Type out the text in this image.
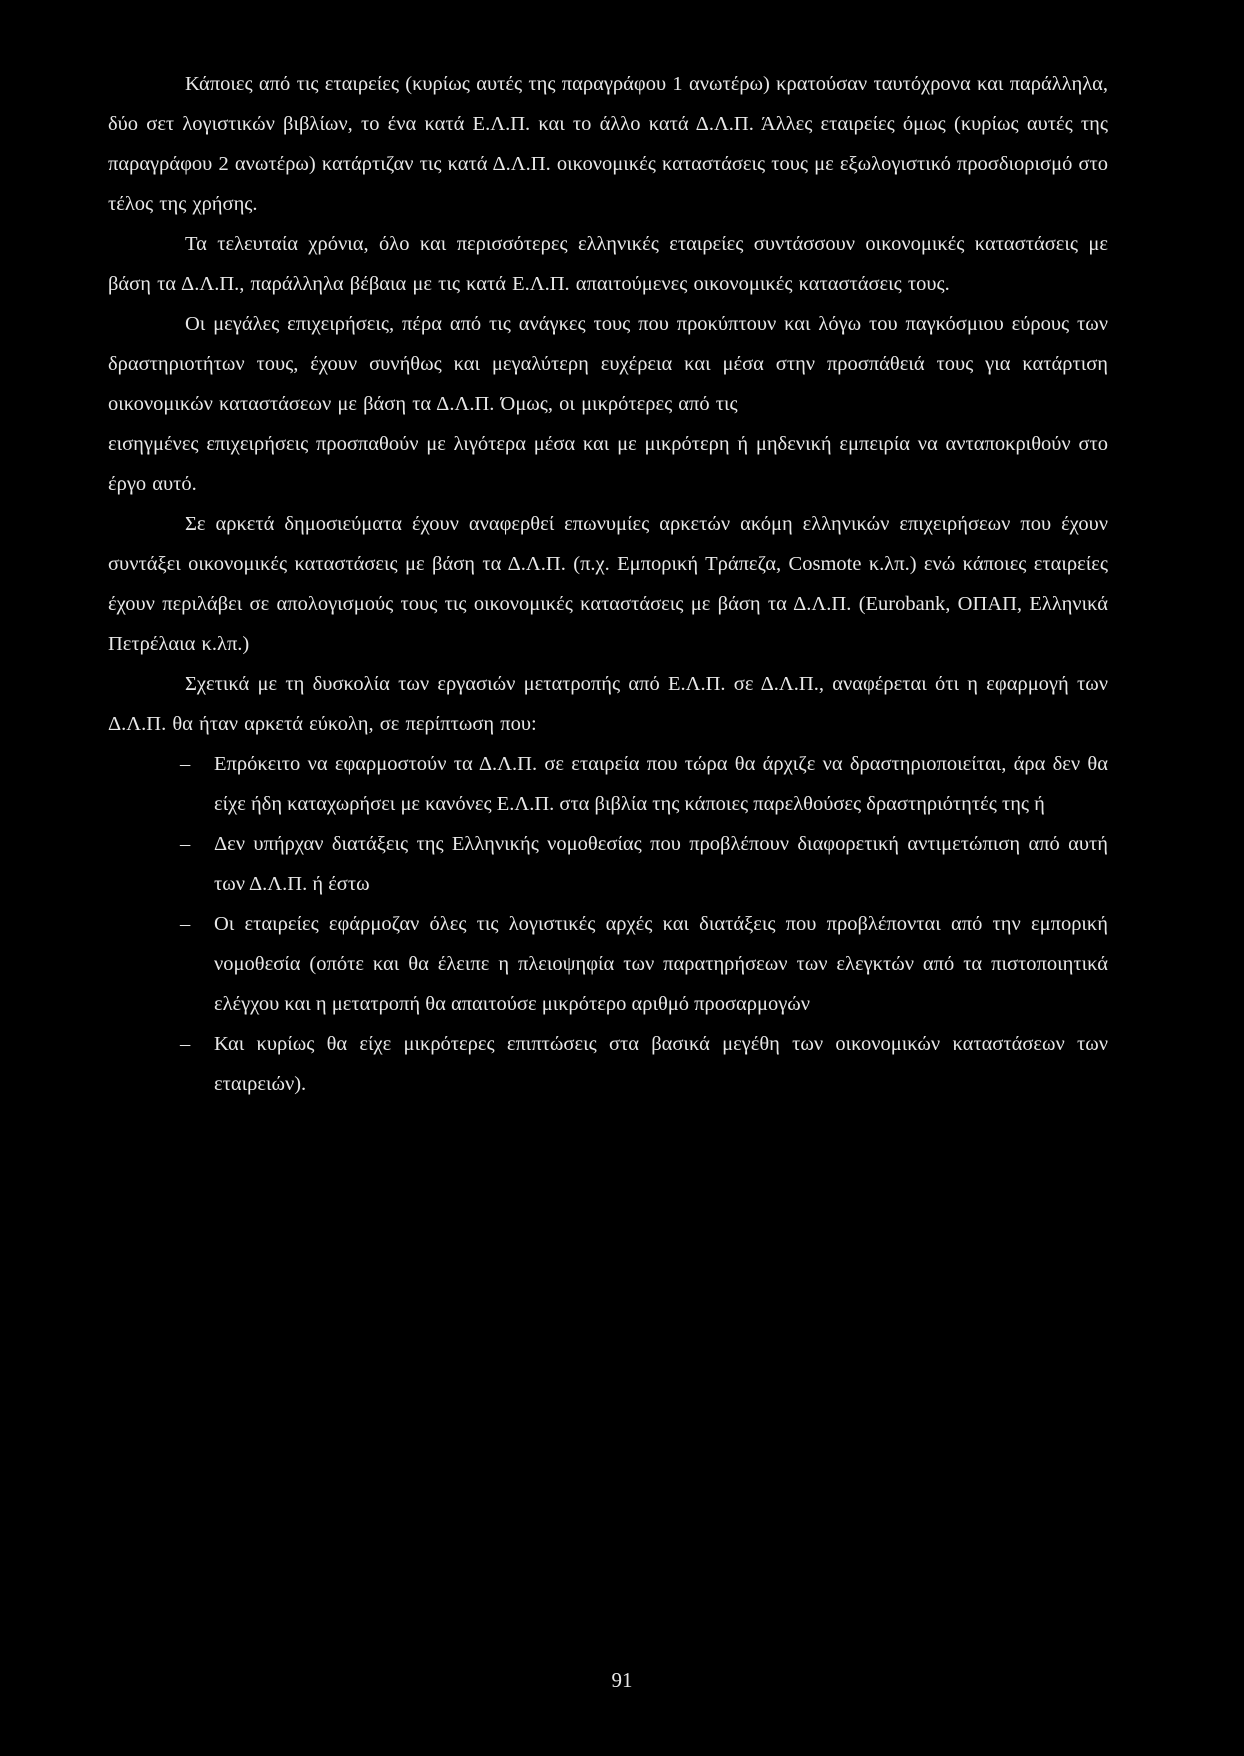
Κάποιες από τις εταιρείες (κυρίως αυτές της παραγράφου 1 ανωτέρω) κρατούσαν ταυτόχρονα και παράλληλα, δύο σετ λογιστικών βιβλίων, το ένα κατά Ε.Λ.Π. και το άλλο κατά Δ.Λ.Π. Άλλες εταιρείες όμως (κυρίως αυτές της παραγράφου 2 ανωτέρω) κατάρτιζαν τις κατά Δ.Λ.Π. οικονομικές καταστάσεις τους με εξωλογιστικό προσδιορισμό στο τέλος της χρήσης.

Τα τελευταία χρόνια, όλο και περισσότερες ελληνικές εταιρείες συντάσσουν οικονομικές καταστάσεις με βάση τα Δ.Λ.Π., παράλληλα βέβαια με τις κατά Ε.Λ.Π. απαιτούμενες οικονομικές καταστάσεις τους.

Οι μεγάλες επιχειρήσεις, πέρα από τις ανάγκες τους που προκύπτουν και λόγω του παγκόσμιου εύρους των δραστηριοτήτων τους, έχουν συνήθως και μεγαλύτερη ευχέρεια και μέσα στην προσπάθειά τους για κατάρτιση οικονομικών καταστάσεων με βάση τα Δ.Λ.Π. Όμως, οι μικρότερες από τις

εισηγμένες επιχειρήσεις προσπαθούν με λιγότερα μέσα και με μικρότερη ή μηδενική εμπειρία να ανταποκριθούν στο έργο αυτό.

Σε αρκετά δημοσιεύματα έχουν αναφερθεί επωνυμίες αρκετών ακόμη ελληνικών επιχειρήσεων που έχουν συντάξει οικονομικές καταστάσεις με βάση τα Δ.Λ.Π. (π.χ. Εμπορική Τράπεζα, Cosmote κ.λπ.) ενώ κάποιες εταιρείες έχουν περιλάβει σε απολογισμούς τους τις οικονομικές καταστάσεις με βάση τα Δ.Λ.Π. (Eurobank, ΟΠΑΠ, Ελληνικά Πετρέλαια κ.λπ.)

Σχετικά με τη δυσκολία των εργασιών μετατροπής από Ε.Λ.Π. σε Δ.Λ.Π., αναφέρεται ότι η εφαρμογή των Δ.Λ.Π. θα ήταν αρκετά εύκολη, σε περίπτωση που:

– Επρόκειτο να εφαρμοστούν τα Δ.Λ.Π. σε εταιρεία που τώρα θα άρχιζε να δραστηριοποιείται, άρα δεν θα είχε ήδη καταχωρήσει με κανόνες Ε.Λ.Π. στα βιβλία της κάποιες παρελθούσες δραστηριότητές της ή
– Δεν υπήρχαν διατάξεις της Ελληνικής νομοθεσίας που προβλέπουν διαφορετική αντιμετώπιση από αυτή των Δ.Λ.Π. ή έστω
– Οι εταιρείες εφάρμοζαν όλες τις λογιστικές αρχές και διατάξεις που προβλέπονται από την εμπορική νομοθεσία (οπότε και θα έλειπε η πλειοψηφία των παρατηρήσεων των ελεγκτών από τα πιστοποιητικά ελέγχου και η μετατροπή θα απαιτούσε μικρότερο αριθμό προσαρμογών
– Και κυρίως θα είχε μικρότερες επιπτώσεις στα βασικά μεγέθη των οικονομικών καταστάσεων των εταιρειών).
91
